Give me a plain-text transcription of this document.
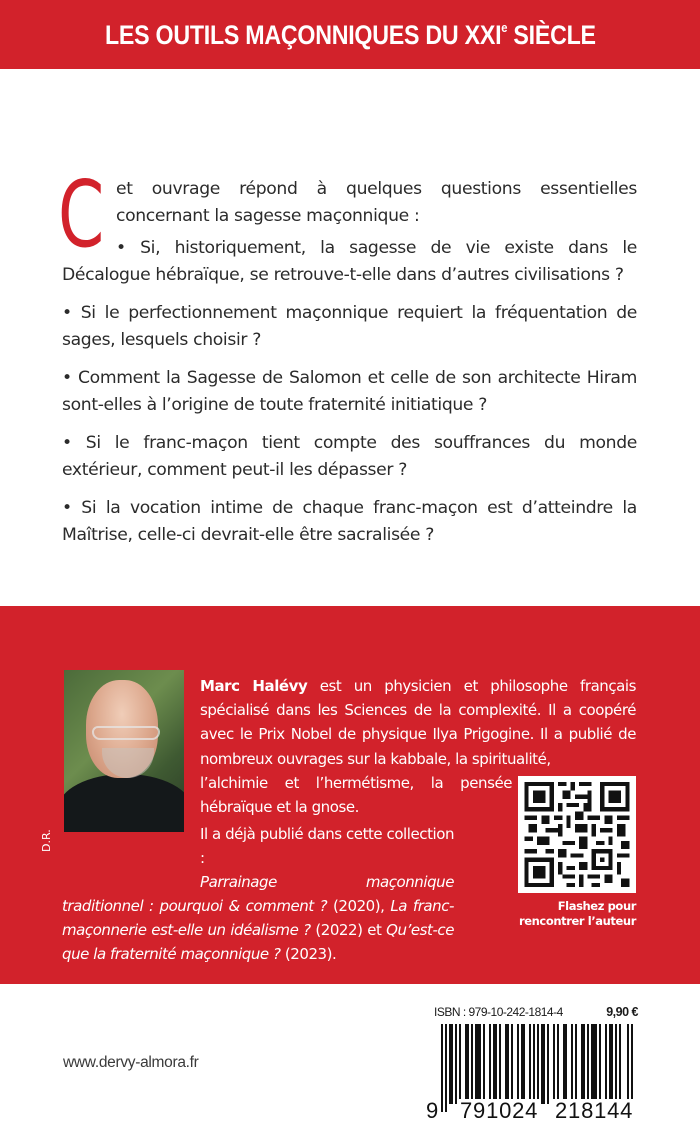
LES OUTILS MAÇONNIQUES DU XXIe SIÈCLE
C et ouvrage répond à quelques questions essentielles concernant la sagesse maçonnique :

• Si, historiquement, la sagesse de vie existe dans le Décalogue hébraïque, se retrouve-t-elle dans d’autres civilisations ?

• Si le perfectionnement maçonnique requiert la fréquentation de sages, lesquels choisir ?

• Comment la Sagesse de Salomon et celle de son architecte Hiram sont-elles à l’origine de toute fraternité initiatique ?

• Si le franc-maçon tient compte des souffrances du monde extérieur, comment peut-il les dépasser ?

• Si la vocation intime de chaque franc-maçon est d’atteindre la Maîtrise, celle-ci devrait-elle être sacralisée ?

D.R.
Marc Halévy est un physicien et philosophe français spécialisé dans les Sciences de la complexité. Il a coopéré avec le Prix Nobel de physique Ilya Prigogine. Il a publié de nombreux ouvrages sur la kabbale, la spiritualité,
l’alchimie et l’hermétisme, la pensée
hébraïque et la gnose.
Il a déjà publié dans cette collection :
Parrainage maçonnique traditionnel : pourquoi & comment ? (2020), La franc-maçonnerie est-elle un idéalisme ? (2022) et Qu’est-ce que la fraternité maçonnique ? (2023).
Flashez pour
rencontrer l’auteur
ISBN : 979-10-242-1814-4	9,90 €
9 791024 218144
www.dervy-almora.fr
